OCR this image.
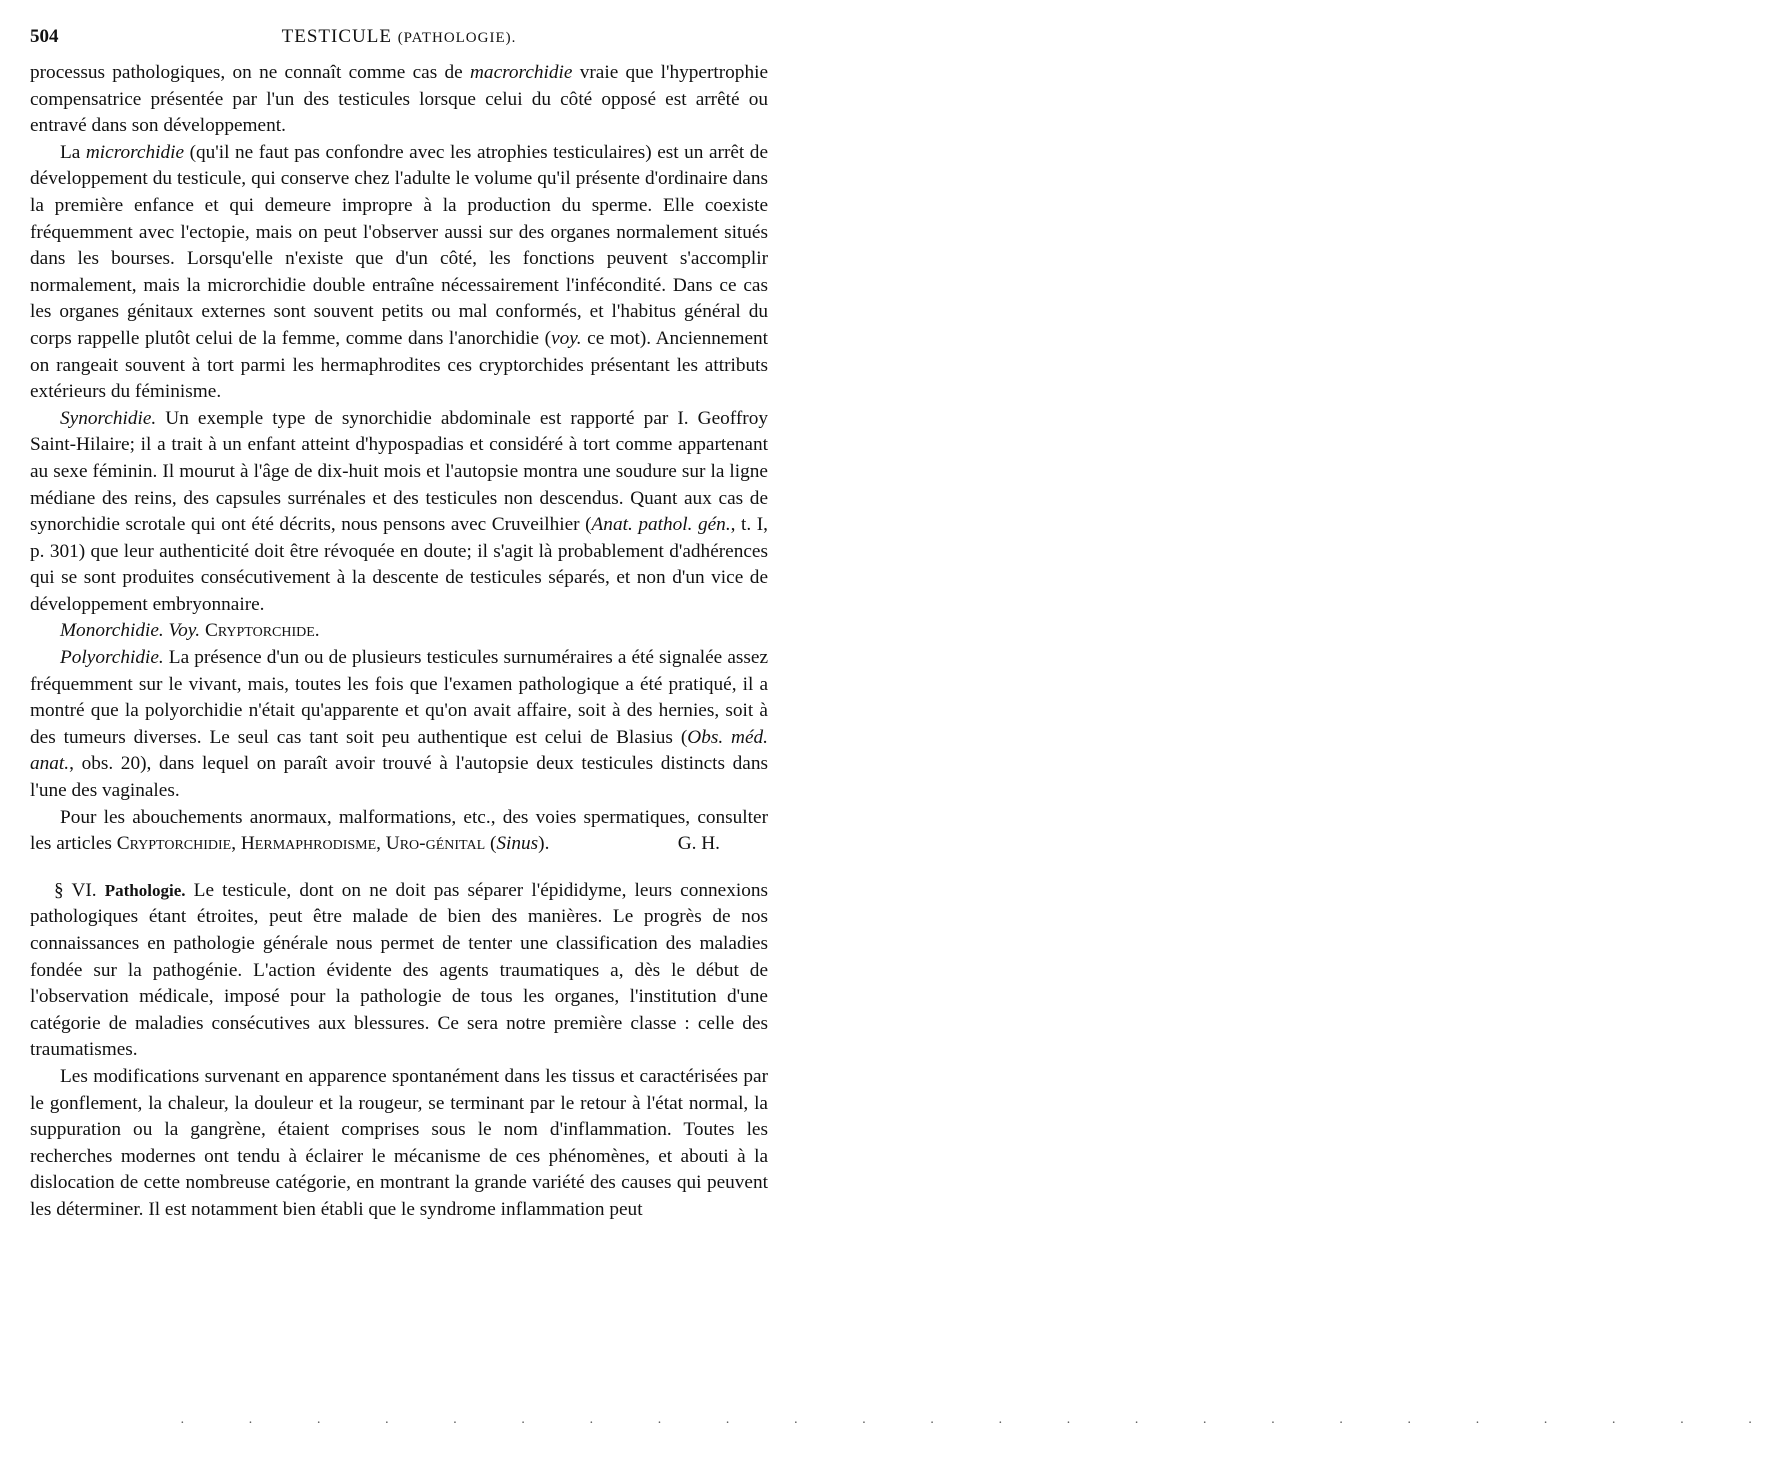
504	TESTICULE (PATHOLOGIE).

processus pathologiques, on ne connaît comme cas de macrorchidie vraie que l'hypertrophie compensatrice présentée par l'un des testicules lorsque celui du côté opposé est arrêté ou entravé dans son développement.

La microrchidie (qu'il ne faut pas confondre avec les atrophies testiculaires) est un arrêt de développement du testicule, qui conserve chez l'adulte le volume qu'il présente d'ordinaire dans la première enfance et qui demeure impropre à la production du sperme. Elle coexiste fréquemment avec l'ectopie, mais on peut l'observer aussi sur des organes normalement situés dans les bourses. Lorsqu'elle n'existe que d'un côté, les fonctions peuvent s'accomplir normalement, mais la microrchidie double entraîne nécessairement l'infécondité. Dans ce cas les organes génitaux externes sont souvent petits ou mal conformés, et l'habitus général du corps rappelle plutôt celui de la femme, comme dans l'anorchidie (voy. ce mot). Anciennement on rangeait souvent à tort parmi les hermaphrodites ces cryptorchides présentant les attributs extérieurs du féminisme.

Synorchidie. Un exemple type de synorchidie abdominale est rapporté par I. Geoffroy Saint-Hilaire; il a trait à un enfant atteint d'hypospadias et considéré à tort comme appartenant au sexe féminin. Il mourut à l'âge de dix-huit mois et l'autopsie montra une soudure sur la ligne médiane des reins, des capsules surrénales et des testicules non descendus. Quant aux cas de synorchidie scrotale qui ont été décrits, nous pensons avec Cruveilhier (Anat. pathol. gén., t. I, p. 301) que leur authenticité doit être révoquée en doute; il s'agit là probablement d'adhérences qui se sont produites consécutivement à la descente de testicules séparés, et non d'un vice de développement embryonnaire.

Monorchidie. Voy. Cryptorchide.

Polyorchidie. La présence d'un ou de plusieurs testicules surnuméraires a été signalée assez fréquemment sur le vivant, mais, toutes les fois que l'examen pathologique a été pratiqué, il a montré que la polyorchidie n'était qu'apparente et qu'on avait affaire, soit à des hernies, soit à des tumeurs diverses. Le seul cas tant soit peu authentique est celui de Blasius (Obs. méd. anat., obs. 20), dans lequel on paraît avoir trouvé à l'autopsie deux testicules distincts dans l'une des vaginales.

Pour les abouchements anormaux, malformations, etc., des voies spermatiques, consulter les articles Cryptorchidie, Hermaphrodisme, Uro-génital (Sinus).	G. H.

§ VI. Pathologie. Le testicule, dont on ne doit pas séparer l'épididyme, leurs connexions pathologiques étant étroites, peut être malade de bien des manières. Le progrès de nos connaissances en pathologie générale nous permet de tenter une classification des maladies fondée sur la pathogénie. L'action évidente des agents traumatiques a, dès le début de l'observation médicale, imposé pour la pathologie de tous les organes, l'institution d'une catégorie de maladies consécutives aux blessures. Ce sera notre première classe : celle des traumatismes.

Les modifications survenant en apparence spontanément dans les tissus et caractérisées par le gonflement, la chaleur, la douleur et la rougeur, se terminant par le retour à l'état normal, la suppuration ou la gangrène, étaient comprises sous le nom d'inflammation. Toutes les recherches modernes ont tendu à éclairer le mécanisme de ces phénomènes, et abouti à la dislocation de cette nombreuse catégorie, en montrant la grande variété des causes qui peuvent les déterminer. Il est notamment bien établi que le syndrome inflammation peut

· · · · · · · · · · · · · · · · · · · · · · · ·
